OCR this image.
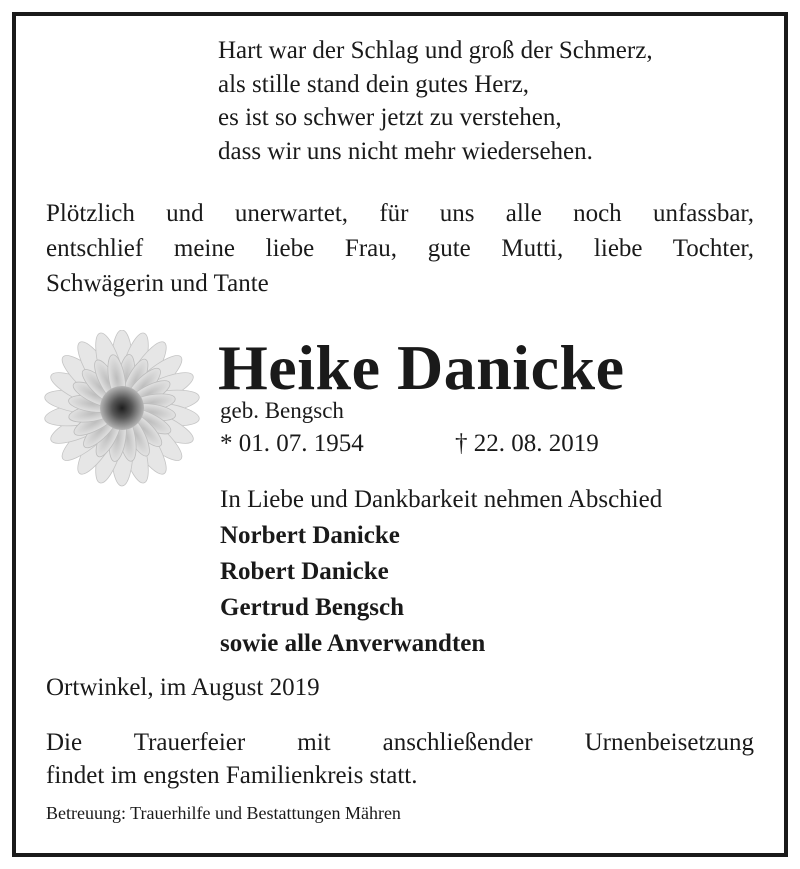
Hart war der Schlag und groß der Schmerz,
als stille stand dein gutes Herz,
es ist so schwer jetzt zu verstehen,
dass wir uns nicht mehr wiedersehen.
Plötzlich und unerwartet, für uns alle noch unfassbar,
entschlief meine liebe Frau, gute Mutti, liebe Tochter,
Schwägerin und Tante
Heike Danicke
geb. Bengsch
* 01. 07. 1954	† 22. 08. 2019
In Liebe und Dankbarkeit nehmen Abschied
Norbert Danicke
Robert Danicke
Gertrud Bengsch
sowie alle Anverwandten
Ortwinkel, im August 2019
Die Trauerfeier mit anschließender Urnenbeisetzung
findet im engsten Familienkreis statt.
Betreuung: Trauerhilfe und Bestattungen Mähren
